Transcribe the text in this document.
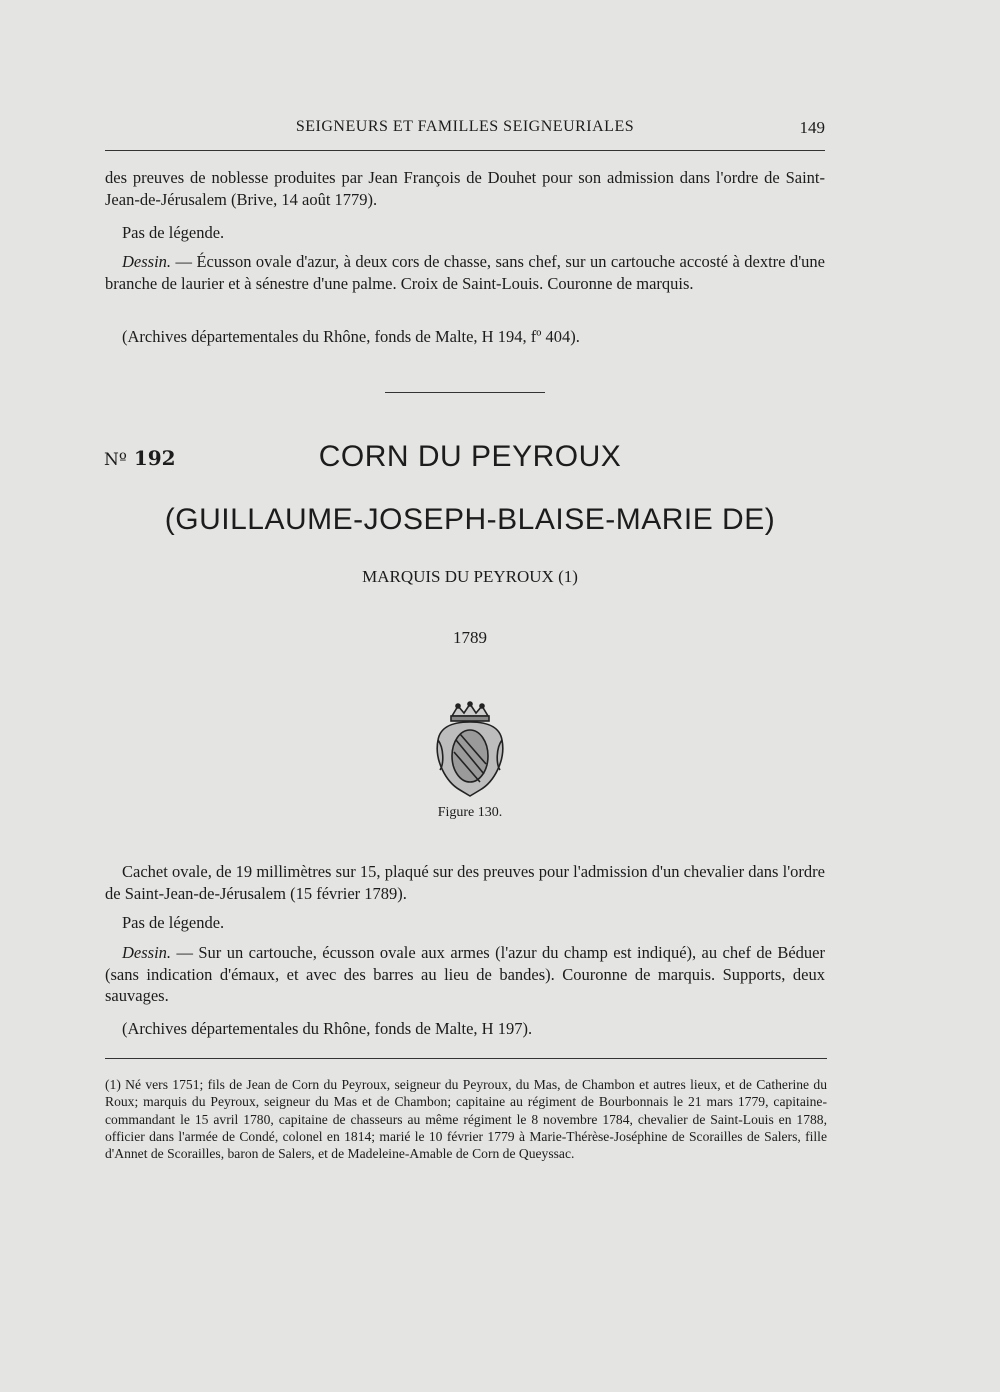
SEIGNEURS ET FAMILLES SEIGNEURIALES	149

des preuves de noblesse produites par Jean François de Douhet pour son admission dans l'ordre de Saint-Jean-de-Jérusalem (Brive, 14 août 1779).

Pas de légende.

Dessin. — Écusson ovale d'azur, à deux cors de chasse, sans chef, sur un cartouche accosté à dextre d'une branche de laurier et à sénestre d'une palme. Croix de Saint-Louis. Couronne de marquis.

(Archives départementales du Rhône, fonds de Malte, H 194, fº 404).

Nº 192	CORN DU PEYROUX
(GUILLAUME-JOSEPH-BLAISE-MARIE DE)
MARQUIS DU PEYROUX (1)
1789
Figure 130.

Cachet ovale, de 19 millimètres sur 15, plaqué sur des preuves pour l'admission d'un chevalier dans l'ordre de Saint-Jean-de-Jérusalem (15 février 1789).

Pas de légende.

Dessin. — Sur un cartouche, écusson ovale aux armes (l'azur du champ est indiqué), au chef de Béduer (sans indication d'émaux, et avec des barres au lieu de bandes). Couronne de marquis. Supports, deux sauvages.

(Archives départementales du Rhône, fonds de Malte, H 197).

(1) Né vers 1751; fils de Jean de Corn du Peyroux, seigneur du Peyroux, du Mas, de Chambon et autres lieux, et de Catherine du Roux; marquis du Peyroux, seigneur du Mas et de Chambon; capitaine au régiment de Bourbonnais le 21 mars 1779, capitaine-commandant le 15 avril 1780, capitaine de chasseurs au même régiment le 8 novembre 1784, chevalier de Saint-Louis en 1788, officier dans l'armée de Condé, colonel en 1814; marié le 10 février 1779 à Marie-Thérèse-Joséphine de Scorailles de Salers, fille d'Annet de Scorailles, baron de Salers, et de Madeleine-Amable de Corn de Queyssac.
